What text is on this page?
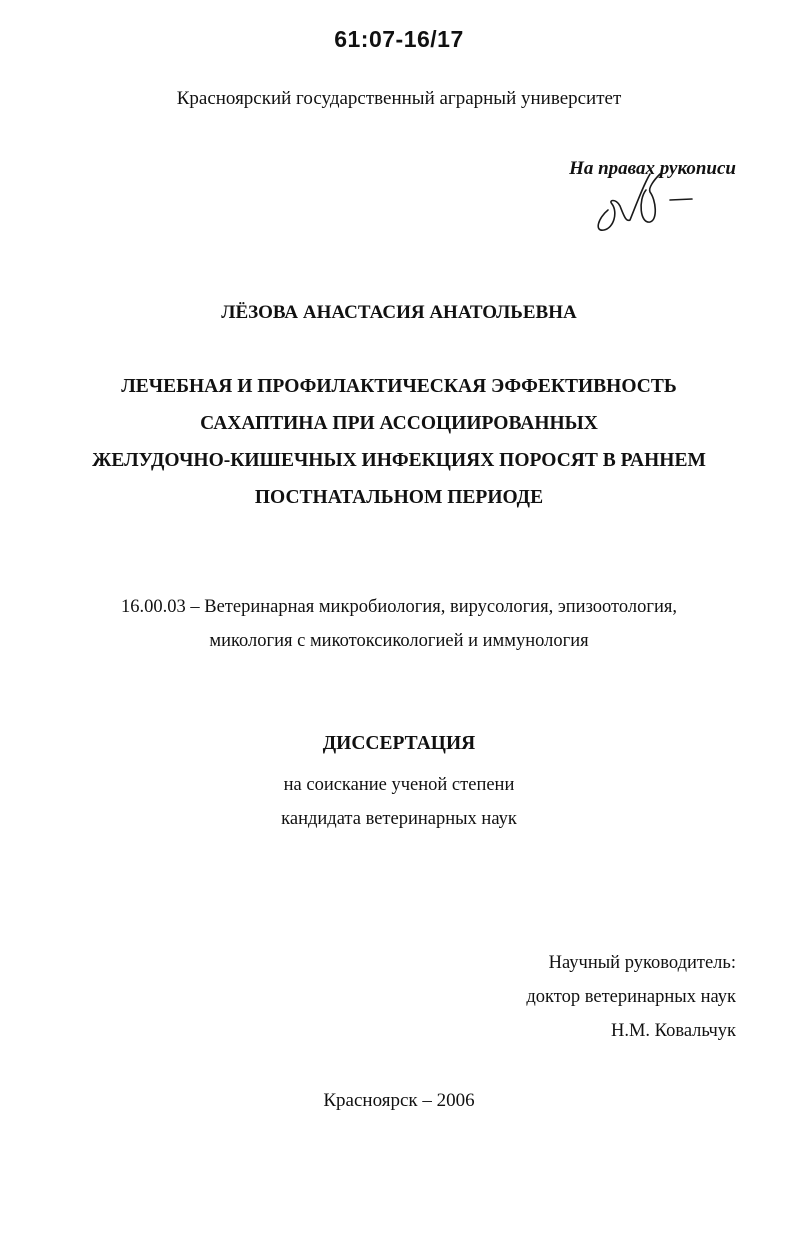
61:07-16/17
Красноярский государственный аграрный университет
На правах рукописи
ЛЁЗОВА АНАСТАСИЯ АНАТОЛЬЕВНА
ЛЕЧЕБНАЯ И ПРОФИЛАКТИЧЕСКАЯ ЭФФЕКТИВНОСТЬ
САХАПТИНА ПРИ АССОЦИИРОВАННЫХ
ЖЕЛУДОЧНО-КИШЕЧНЫХ ИНФЕКЦИЯХ ПОРОСЯТ В РАННЕМ
ПОСТНАТАЛЬНОМ ПЕРИОДЕ
16.00.03 – Ветеринарная микробиология, вирусология, эпизоотология,
микология с микотоксикологией и иммунология
ДИССЕРТАЦИЯ
на соискание ученой степени
кандидата ветеринарных наук
Научный руководитель:
доктор ветеринарных наук
Н.М. Ковальчук
Красноярск – 2006
